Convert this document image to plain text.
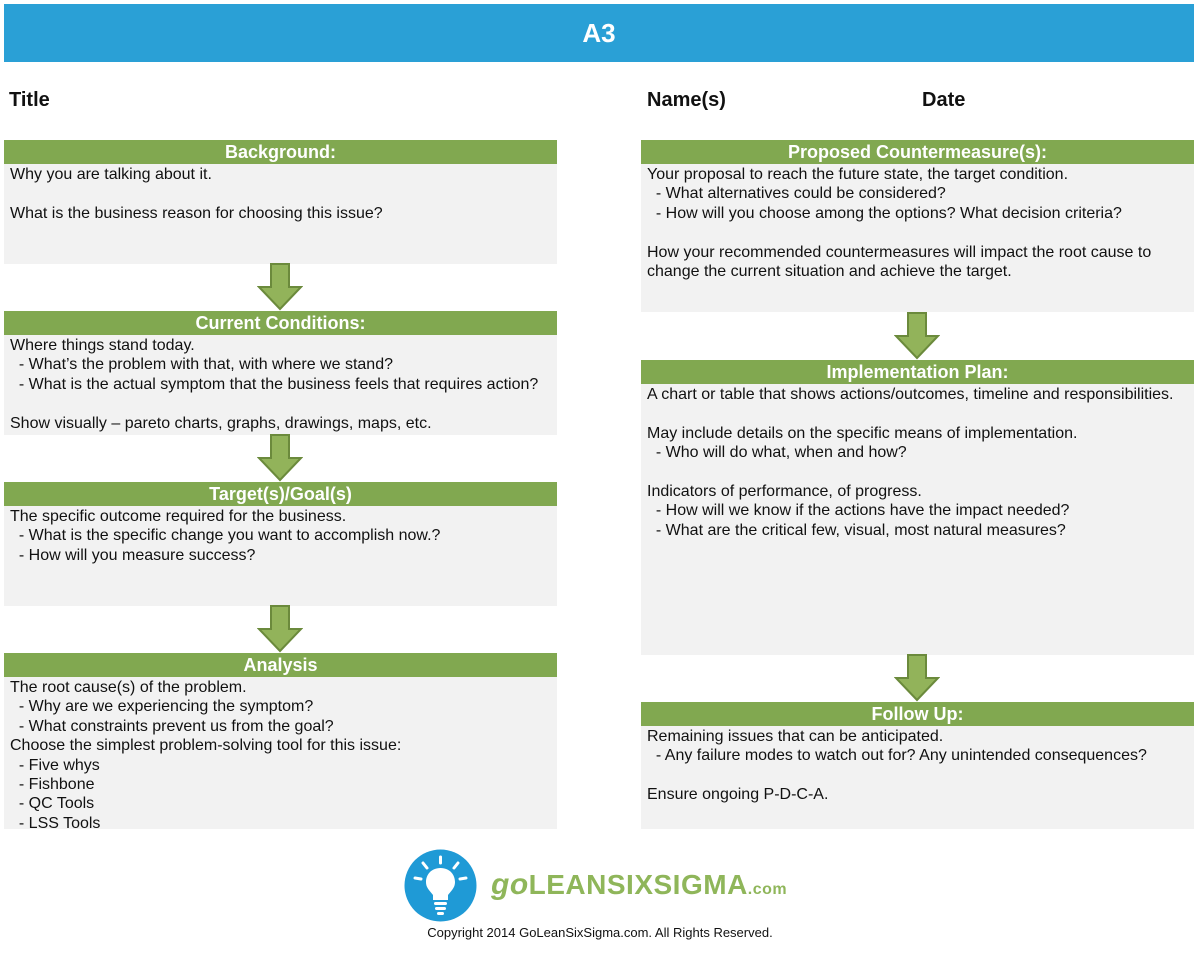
A3
Title	Name(s)	Date
Background:
Why you are talking about it.
What is the business reason for choosing this issue?
Current Conditions:
Where things stand today.
- What’s the problem with that, with where we stand?
- What is the actual symptom that the business feels that requires action?
Show visually – pareto charts, graphs, drawings, maps, etc.
Target(s)/Goal(s)
The specific outcome required for the business.
- What is the specific change you want to accomplish now.?
- How will you measure success?
Analysis
The root cause(s) of the problem.
- Why are we experiencing the symptom?
- What constraints prevent us from the goal?
Choose the simplest problem-solving tool for this issue:
- Five whys
- Fishbone
- QC Tools
- LSS Tools
Proposed Countermeasure(s):
Your proposal to reach the future state, the target condition.
- What alternatives could be considered?
- How will you choose among the options? What decision criteria?
How your recommended countermeasures will impact the root cause to
change the current situation and achieve the target.
Implementation Plan:
A chart or table that shows actions/outcomes, timeline and responsibilities.
May include details on the specific means of implementation.
- Who will do what, when and how?
Indicators of performance, of progress.
- How will we know if the actions have the impact needed?
- What are the critical few, visual, most natural measures?
Follow Up:
Remaining issues that can be anticipated.
- Any failure modes to watch out for? Any unintended consequences?
Ensure ongoing P-D-C-A.
goLEANSIXSIGMA.com
Copyright 2014 GoLeanSixSigma.com. All Rights Reserved.
